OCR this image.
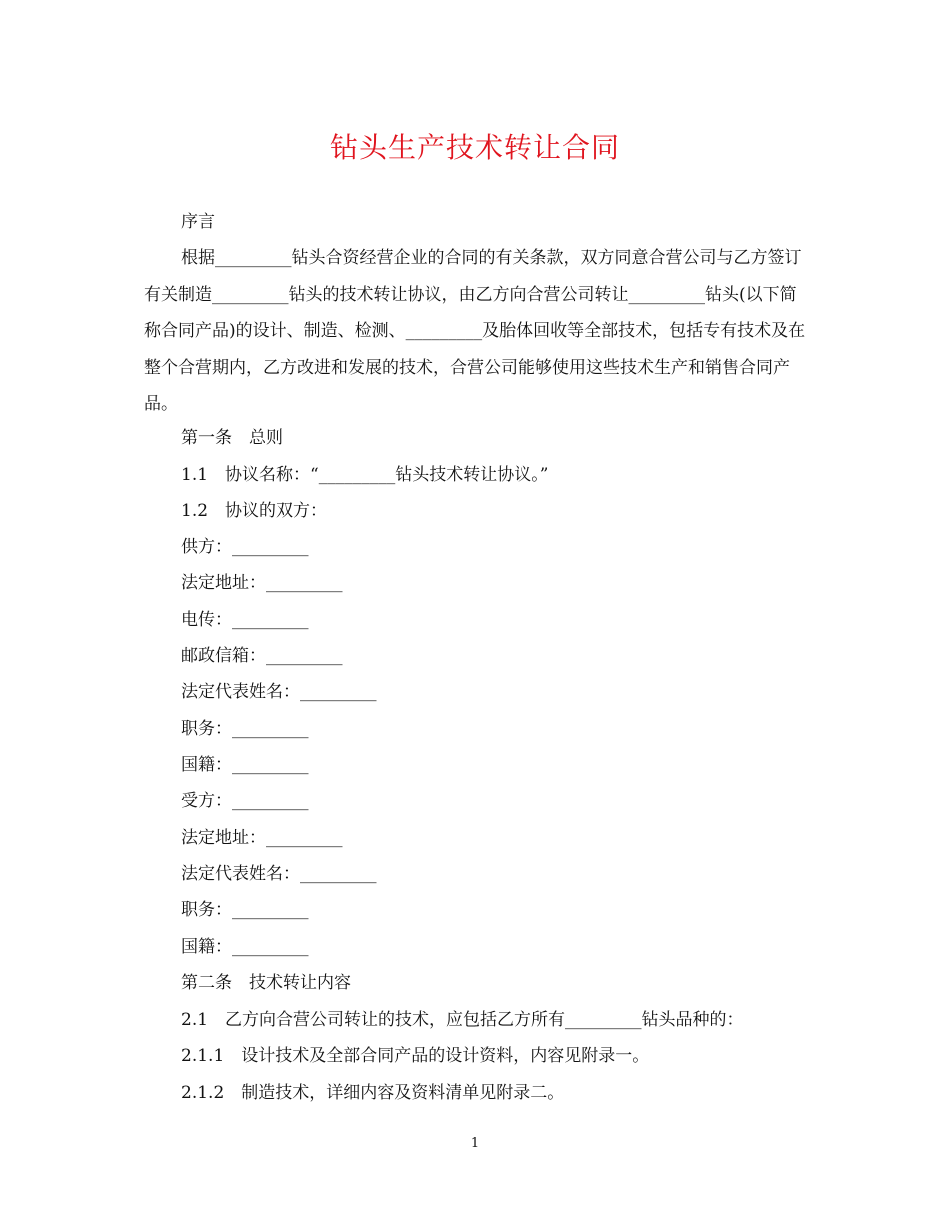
钻头生产技术转让合同
序言
根据_________钻头合资经营企业的合同的有关条款，双方同意合营公司与乙方签订有关制造_________钻头的技术转让协议，由乙方向合营公司转让_________钻头(以下简称合同产品)的设计、制造、检测、_________及胎体回收等全部技术，包括专有技术及在整个合营期内，乙方改进和发展的技术，合营公司能够使用这些技术生产和销售合同产品。
第一条　总则
1.1　协议名称：“_________钻头技术转让协议。”
1.2　协议的双方：
供方：_________
法定地址：_________
电传：_________
邮政信箱：_________
法定代表姓名：_________
职务：_________
国籍：_________
受方：_________
法定地址：_________
法定代表姓名：_________
职务：_________
国籍：_________
第二条　技术转让内容
2.1　乙方向合营公司转让的技术，应包括乙方所有_________钻头品种的：
2.1.1　设计技术及全部合同产品的设计资料，内容见附录一。
2.1.2　制造技术，详细内容及资料清单见附录二。
1
